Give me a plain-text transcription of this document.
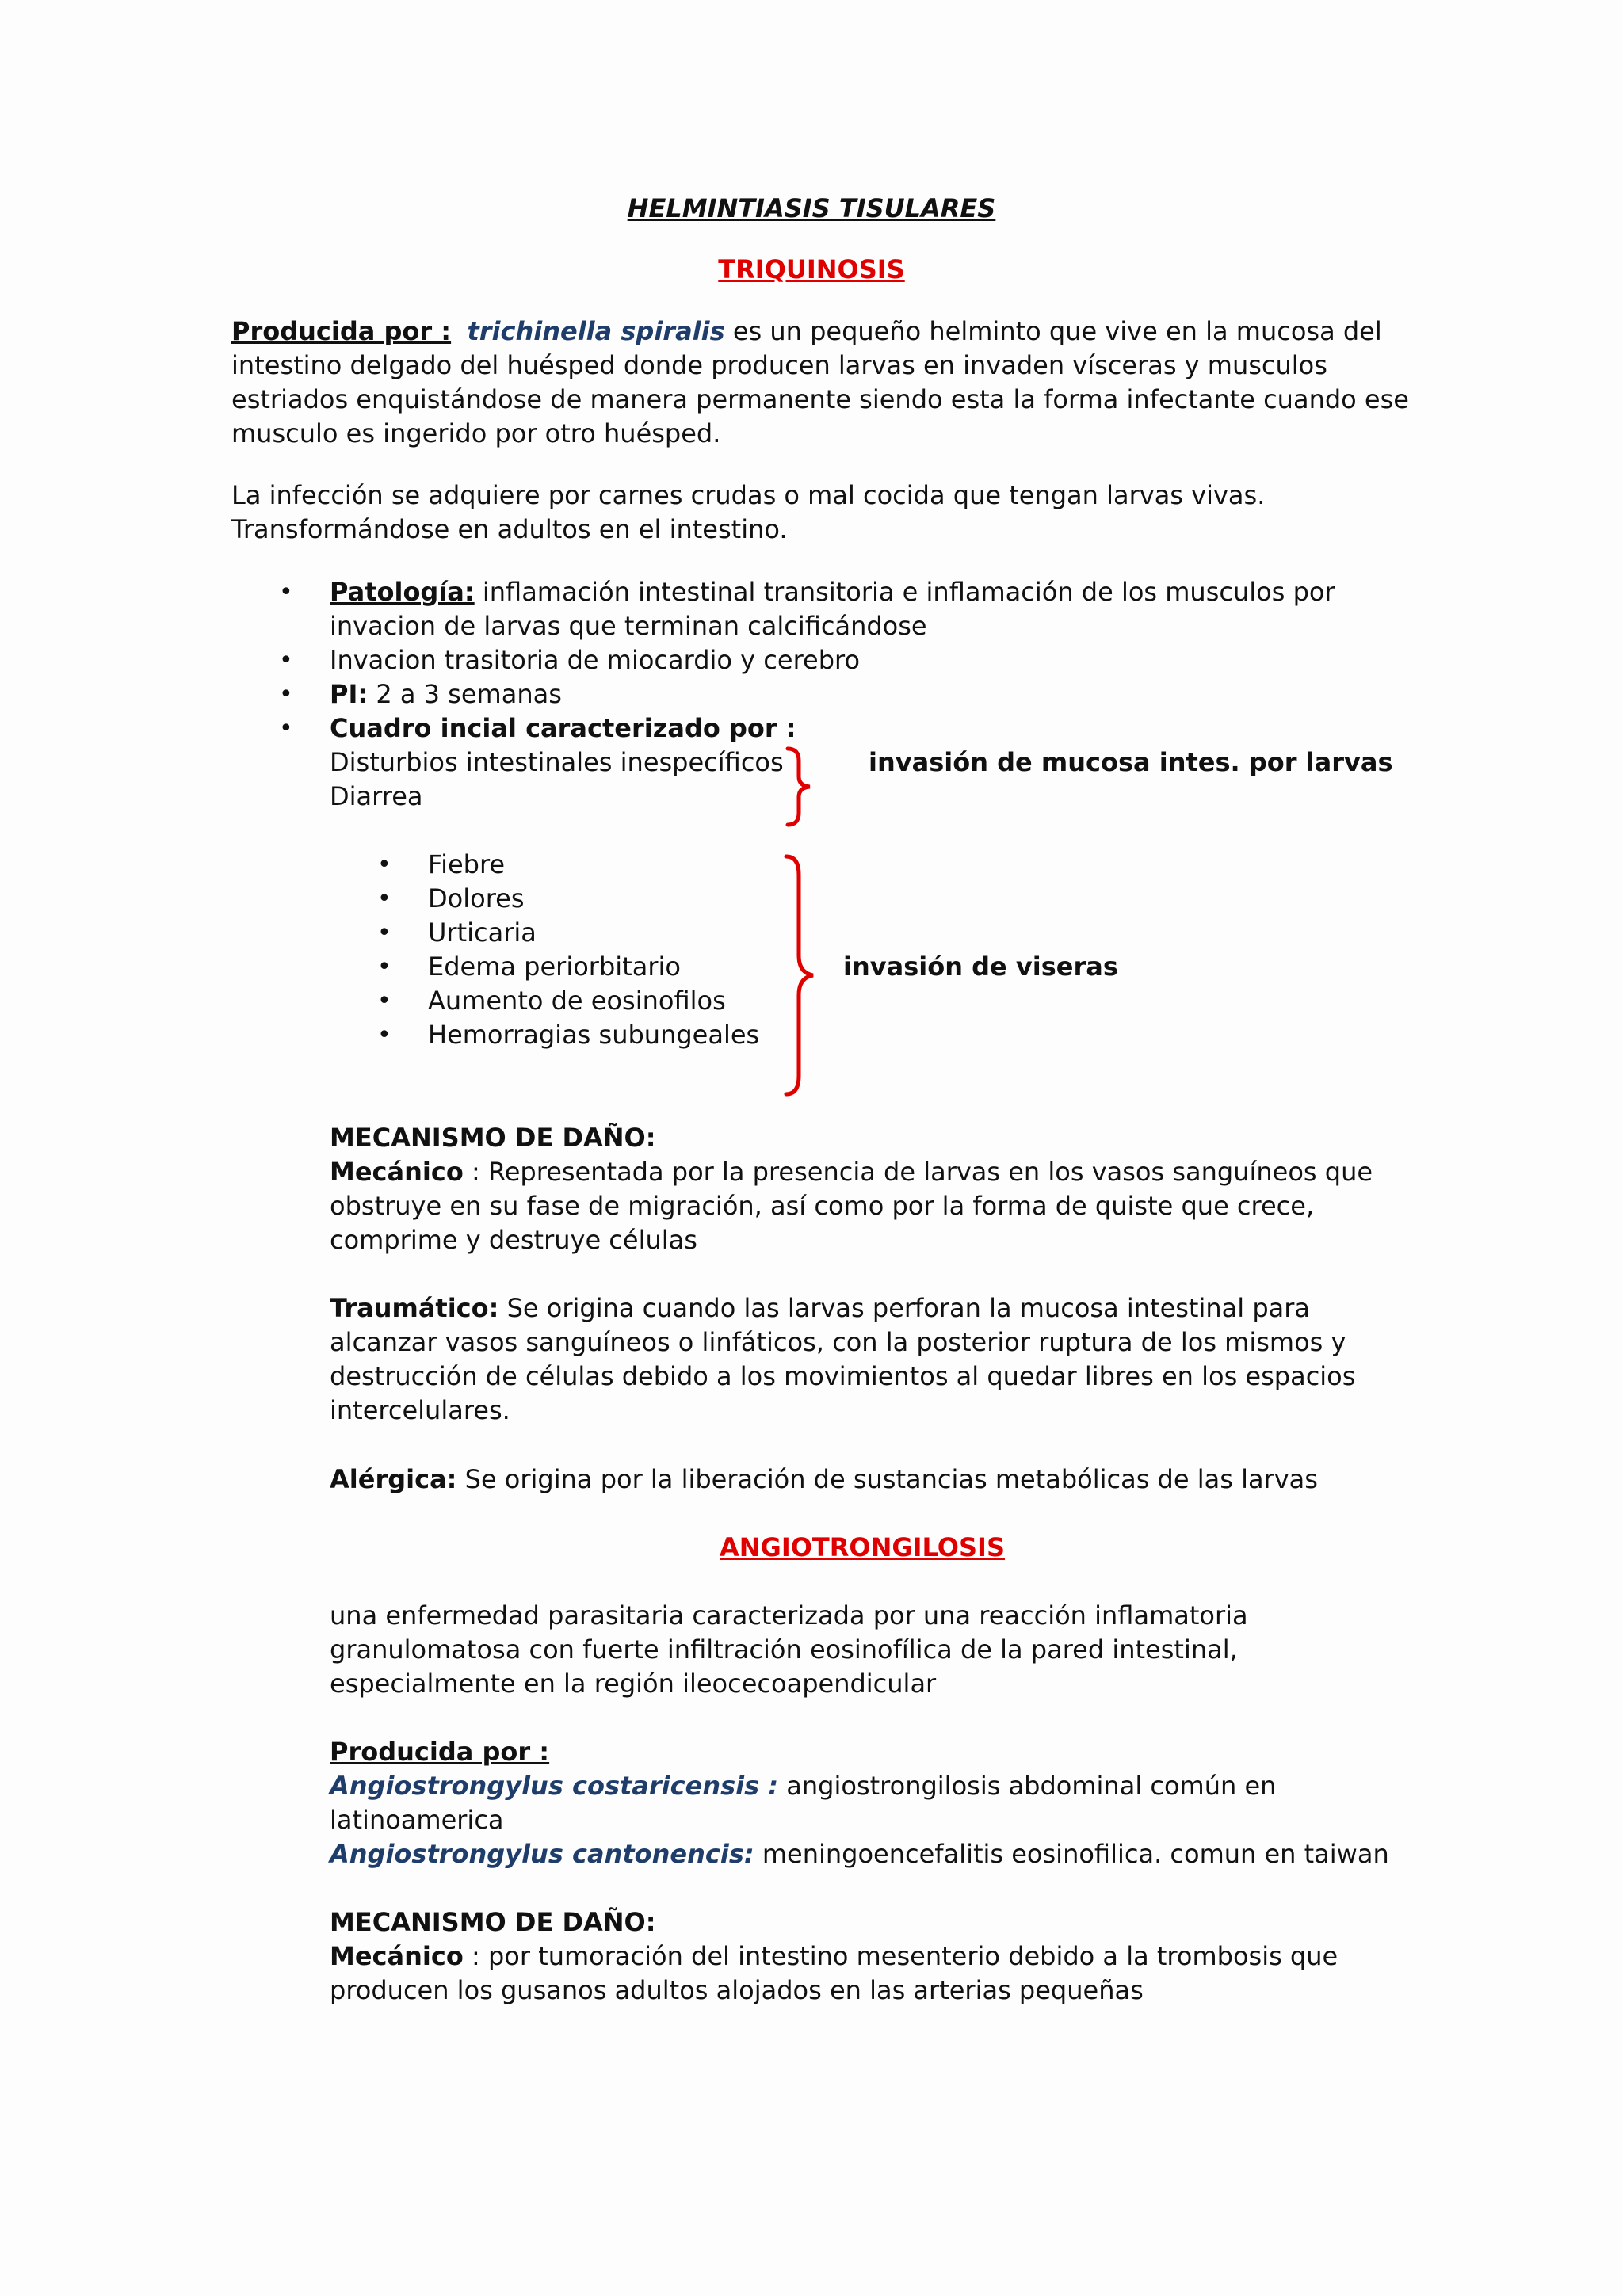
HELMINTIASIS TISULARES
TRIQUINOSIS
Producida por : trichinella spiralis es un pequeño helminto que vive en la mucosa del
intestino delgado del huésped donde producen larvas en invaden vísceras y musculos
estriados enquistándose de manera permanente siendo esta la forma infectante cuando ese
musculo es ingerido por otro huésped.
La infección se adquiere por carnes crudas o mal cocida que tengan larvas vivas.
Transformándose en adultos en el intestino.
• Patología: inflamación intestinal transitoria e inflamación de los musculos por
invacion de larvas que terminan calcificándose
• Invacion trasitoria de miocardio y cerebro
• PI: 2 a 3 semanas
• Cuadro incial caracterizado por :
Disturbios intestinales inespecíficos
Diarrea
invasión de mucosa intes. por larvas
• Fiebre
• Dolores
• Urticaria
• Edema periorbitario
• Aumento de eosinofilos
• Hemorragias subungeales
invasión de viseras
MECANISMO DE DAÑO:
Mecánico : Representada por la presencia de larvas en los vasos sanguíneos que
obstruye en su fase de migración, así como por la forma de quiste que crece,
comprime y destruye células
Traumático: Se origina cuando las larvas perforan la mucosa intestinal para
alcanzar vasos sanguíneos o linfáticos, con la posterior ruptura de los mismos y
destrucción de células debido a los movimientos al quedar libres en los espacios
intercelulares.
Alérgica: Se origina por la liberación de sustancias metabólicas de las larvas
ANGIOTRONGILOSIS
una enfermedad parasitaria caracterizada por una reacción inflamatoria
granulomatosa con fuerte infiltración eosinofílica de la pared intestinal,
especialmente en la región ileocecoapendicular
Producida por :
Angiostrongylus costaricensis : angiostrongilosis abdominal común en
latinoamerica
Angiostrongylus cantonencis: meningoencefalitis eosinofilica. comun en taiwan
MECANISMO DE DAÑO:
Mecánico : por tumoración del intestino mesenterio debido a la trombosis que
producen los gusanos adultos alojados en las arterias pequeñas
